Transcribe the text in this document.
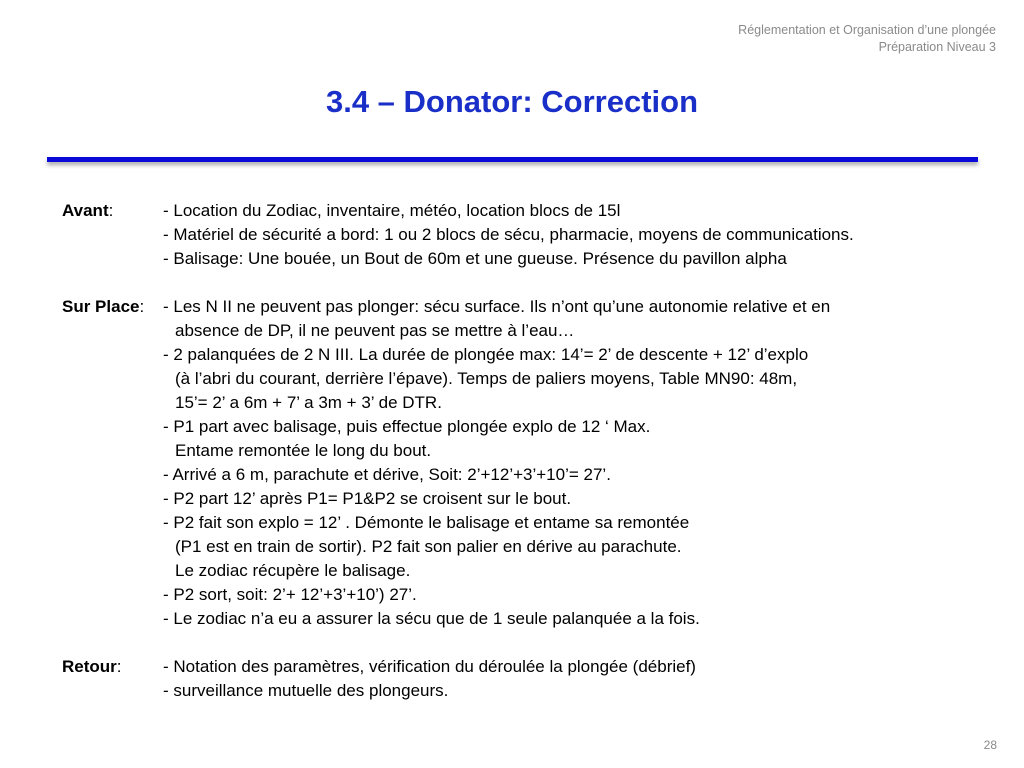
Réglementation et Organisation d’une plongée
Préparation Niveau 3
3.4 – Donator: Correction
Avant:	- Location du Zodiac, inventaire, météo, location blocs de 15l
- Matériel de sécurité a bord: 1 ou 2 blocs de sécu, pharmacie, moyens de communications.
- Balisage: Une bouée, un Bout de 60m et une gueuse. Présence du pavillon alpha
Sur Place:	- Les N II ne peuvent pas plonger: sécu surface. Ils n’ont qu’une autonomie relative et en
absence de DP, il ne peuvent pas se mettre à l’eau…
- 2 palanquées de 2 N III. La durée de plongée max: 14’= 2’ de descente + 12’ d’explo
(à l’abri du courant, derrière l’épave). Temps de paliers moyens, Table MN90: 48m,
15’= 2’ a 6m + 7’ a 3m + 3’ de DTR.
- P1 part avec balisage, puis effectue plongée explo de 12 ‘ Max.
Entame remontée le long du bout.
- Arrivé a 6 m, parachute et dérive, Soit: 2’+12’+3’+10’= 27’.
- P2 part 12’ après P1= P1&P2 se croisent sur le bout.
- P2 fait son explo = 12’ . Démonte le balisage et entame sa remontée
(P1 est en train de sortir). P2 fait son palier en dérive au parachute.
Le zodiac récupère le balisage.
- P2 sort, soit: 2’+ 12’+3’+10’) 27’.
- Le zodiac n’a eu a assurer la sécu que de 1 seule palanquée a la fois.
Retour:	- Notation des paramètres, vérification du déroulée la plongée (débrief)
- surveillance mutuelle des plongeurs.
28
